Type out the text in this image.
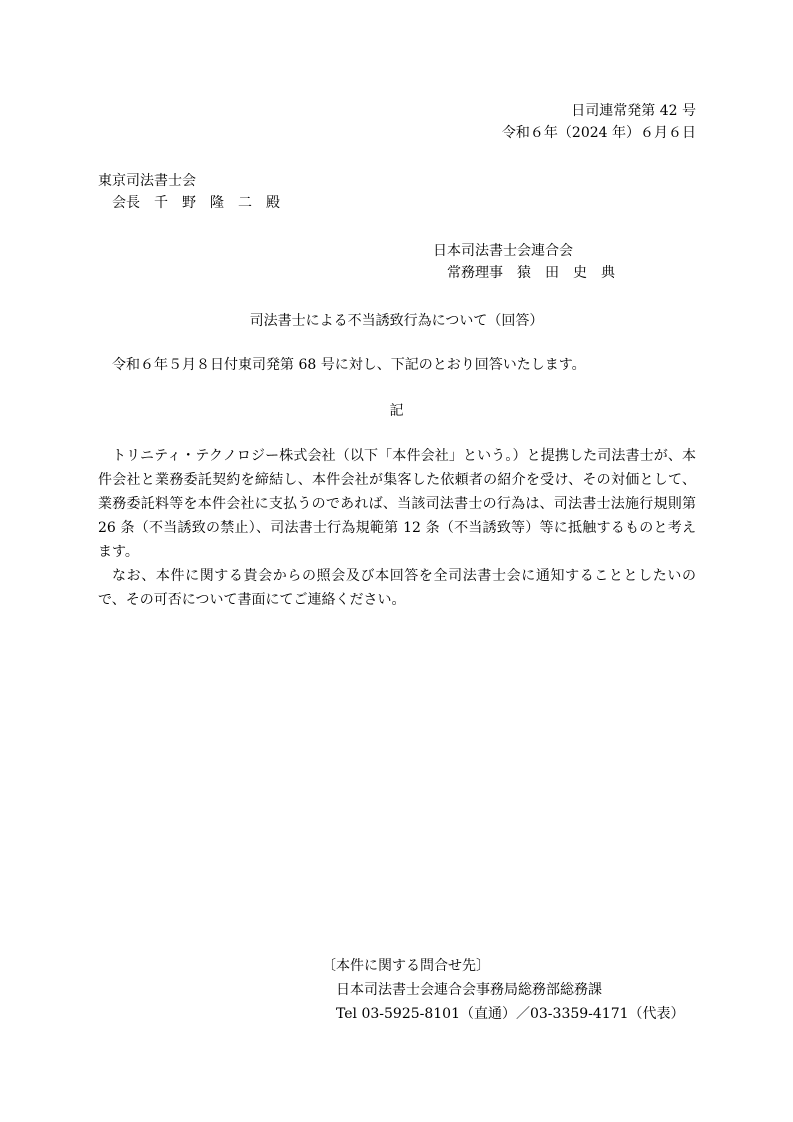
日司連常発第 42 号

令和６年（2024 年）６月６日

東京司法書士会

会長　千　野　隆　二　殿

日本司法書士会連合会

常務理事　猿　田　史　典

司法書士による不当誘致行為について（回答）

令和６年５月８日付東司発第 68 号に対し、下記のとおり回答いたします。

記

トリニティ・テクノロジー株式会社（以下「本件会社」という。）と提携した司法書士が、本件会社と業務委託契約を締結し、本件会社が集客した依頼者の紹介を受け、その対価として、業務委託料等を本件会社に支払うのであれば、当該司法書士の行為は、司法書士法施行規則第 26 条（不当誘致の禁止）、司法書士行為規範第 12 条（不当誘致等）等に抵触するものと考えます。

なお、本件に関する貴会からの照会及び本回答を全司法書士会に通知することとしたいので、その可否について書面にてご連絡ください。

〔本件に関する問合せ先〕

日本司法書士会連合会事務局総務部総務課

Tel 03-5925-8101（直通）／03-3359-4171（代表）
